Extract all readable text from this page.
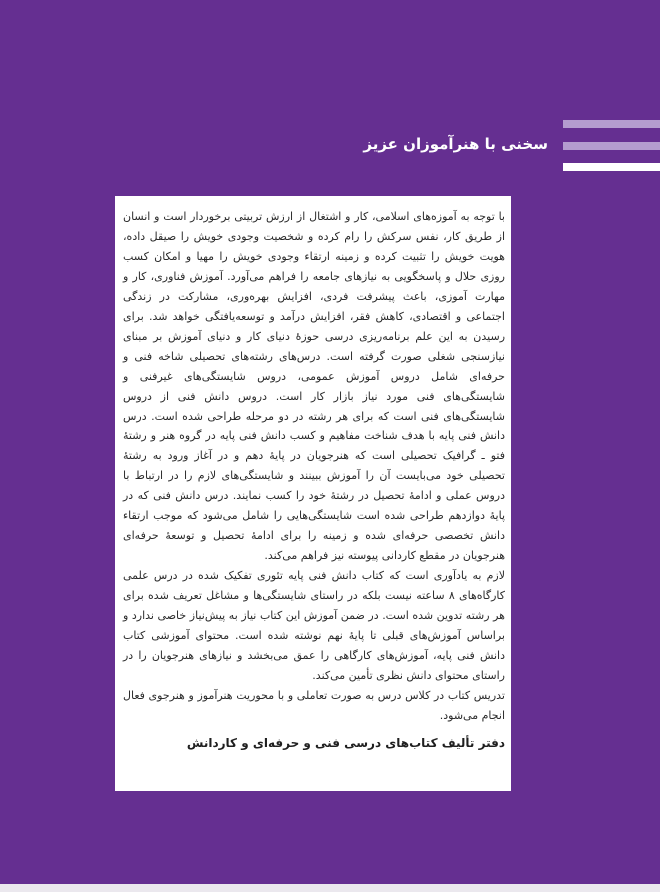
سخنی با هنرآموزان عزیز

با توجه به آموزه‌های اسلامی، کار و اشتغال از ارزش تربیتی برخوردار است و انسان از طریق کار، نفس سرکش را رام کرده و شخصیت وجودی خویش را صیقل داده، هویت خویش را تثبیت کرده و زمینه ارتقاء وجودی خویش را مهیا و امکان کسب روزی حلال و پاسخگویی به نیازهای جامعه را فراهم می‌آورد. آموزش فناوری، کار و مهارت آموزی، باعث پیشرفت فردی، افزایش بهره‌وری، مشارکت در زندگی اجتماعی و اقتصادی، کاهش فقر، افزایش درآمد و توسعه‌یافتگی خواهد شد. برای رسیدن به این علم برنامه‌ریزی درسی حوزۀ دنیای کار و دنیای آموزش بر مبنای نیازسنجی شغلی صورت گرفته است. درس‌های رشته‌های تحصیلی شاخه فنی و حرفه‌ای شامل دروس آموزش عمومی، دروس شایستگی‌های غیرفنی و شایستگی‌های فنی مورد نیاز بازار کار است. دروس دانش فنی از دروس شایستگی‌های فنی است که برای هر رشته در دو مرحله طراحی شده است. درس دانش فنی پایه با هدف شناخت مفاهیم و کسب دانش فنی پایه در گروه هنر و رشتۀ فتو ـ گرافیک تحصیلی است که هنرجویان در پایۀ دهم و در آغاز ورود به رشتۀ تحصیلی خود می‌بایست آن را آموزش ببینند و شایستگی‌های لازم را در ارتباط با دروس عملی و ادامۀ تحصیل در رشتۀ خود را کسب نمایند. درس دانش فنی که در پایۀ دوازدهم طراحی شده است شایستگی‌هایی را شامل می‌شود که موجب ارتقاء دانش تخصصی حرفه‌ای شده و زمینه را برای ادامۀ تحصیل و توسعۀ حرفه‌ای هنرجویان در مقطع کاردانی پیوسته نیز فراهم می‌کند.

لازم به یادآوری است که کتاب دانش فنی پایه تئوری تفکیک شده در درس علمی کارگاه‌های ۸ ساعته نیست بلکه در راستای شایستگی‌ها و مشاغل تعریف شده برای هر رشته تدوین شده است. در ضمن آموزش این کتاب نیاز به پیش‌نیاز خاصی ندارد و براساس آموزش‌های قبلی تا پایۀ نهم نوشته شده است. محتوای آموزشی کتاب دانش فنی پایه، آموزش‌های کارگاهی را عمق می‌بخشد و نیازهای هنرجویان را در راستای محتوای دانش نظری تأمین می‌کند.

تدریس کتاب در کلاس درس به صورت تعاملی و با محوریت هنرآموز و هنرجوی فعال انجام می‌شود.

دفتر تألیف کتاب‌های درسی فنی و حرفه‌ای و کاردانش
